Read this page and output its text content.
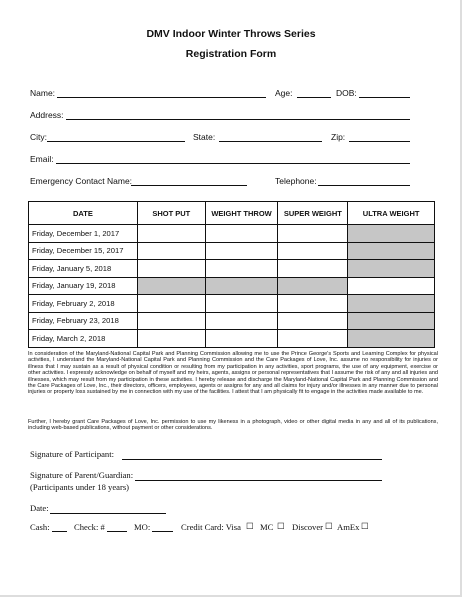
DMV Indoor Winter Throws Series
Registration Form
Name:	Age:	DOB:
Address:
City:	State:	Zip:
Email:
Emergency Contact Name:	Telephone:
DATE	SHOT PUT	WEIGHT THROW	SUPER WEIGHT	ULTRA WEIGHT
Friday, December 1, 2017				
Friday, December 15, 2017				
Friday, January 5, 2018				
Friday, January 19, 2018				
Friday, February 2, 2018				
Friday, February 23, 2018				
Friday, March 2, 2018				
In consideration of the Maryland-National Capital Park and Planning Commission allowing me to use the Prince George's Sports and Learning Complex for physical activities, I understand the Maryland-National Capital Park and Planning Commission and the Care Packages of Love, Inc. assume no responsibility for injuries or illness that I may sustain as a result of physical condition or resulting from my participation in any activities, sport programs, the use of any equipment, exercise or other activities. I expressly acknowledge on behalf of myself and my heirs, agents, assigns or personal representatives that I assume the risk of any and all injuries and illnesses, which may result from my participation in these activities. I hereby release and discharge the Maryland-National Capital Park and Planning Commission and the Care Packages of Love, Inc., their directors, officers, employees, agents or assigns for any and all claims for injury and/or illnesses in any manner due to personal injuries or property loss sustained by me in connection with my use of the facilities. I attest that I am physically fit to engage in the activities made available to me.
Further, I hereby grant Care Packages of Love, Inc. permission to use my likeness in a photograph, video or other digital media in any and all of its publications, including web-based publications, without payment or other considerations.
Signature of Participant:
Signature of Parent/Guardian:
(Participants under 18 years)
Date:
Cash:	Check: #	MO:	Credit Card: Visa ☐ MC ☐ Discover ☐ AmEx ☐
